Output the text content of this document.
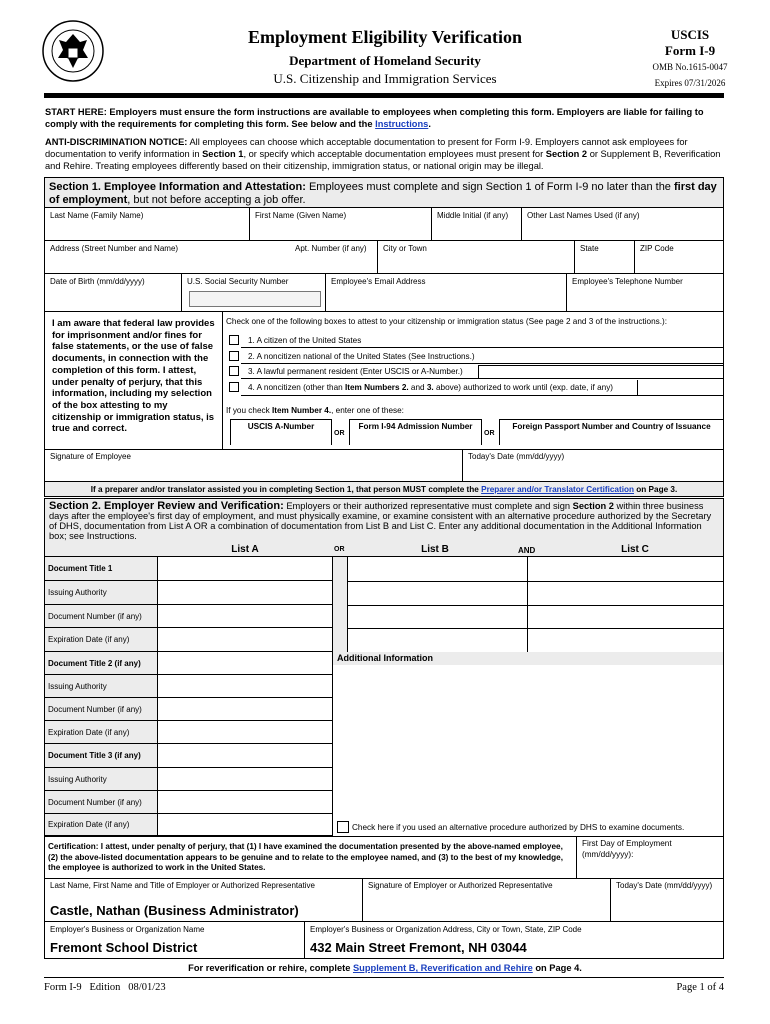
Employment Eligibility Verification
Department of Homeland Security
U.S. Citizenship and Immigration Services
USCIS
Form I-9
OMB No.1615-0047
Expires 07/31/2026
START HERE: Employers must ensure the form instructions are available to employees when completing this form. Employers are liable for failing to comply with the requirements for completing this form. See below and the Instructions.
ANTI-DISCRIMINATION NOTICE: All employees can choose which acceptable documentation to present for Form I-9. Employers cannot ask employees for documentation to verify information in Section 1, or specify which acceptable documentation employees must present for Section 2 or Supplement B, Reverification and Rehire. Treating employees differently based on their citizenship, immigration status, or national origin may be illegal.
Section 1. Employee Information and Attestation: Employees must complete and sign Section 1 of Form I-9 no later than the first day of employment, but not before accepting a job offer.
Last Name (Family Name)	First Name (Given Name)	Middle Initial (if any) Other Last Names Used (if any)
Address (Street Number and Name)	Apt. Number (if any) City or Town	State	ZIP Code
Date of Birth (mm/dd/yyyy)	U.S. Social Security Number	Employee's Email Address	Employee's Telephone Number
I am aware that federal law provides for imprisonment and/or fines for false statements, or the use of false documents, in connection with the completion of this form. I attest, under penalty of perjury, that this information, including my selection of the box attesting to my citizenship or immigration status, is true and correct.
Check one of the following boxes to attest to your citizenship or immigration status (See page 2 and 3 of the instructions.):
1. A citizen of the United States
2. A noncitizen national of the United States (See Instructions.)
3. A lawful permanent resident (Enter USCIS or A-Number.)
4. A noncitizen (other than Item Numbers 2. and 3. above) authorized to work until (exp. date, if any)
If you check Item Number 4., enter one of these:
USCIS A-Number
OR
Form I-94 Admission Number
OR
Foreign Passport Number and Country of Issuance
Signature of Employee	Today's Date (mm/dd/yyyy)
If a preparer and/or translator assisted you in completing Section 1, that person MUST complete the Preparer and/or Translator Certification on Page 3.
Section 2. Employer Review and Verification: Employers or their authorized representative must complete and sign Section 2 within three business days after the employee's first day of employment, and must physically examine, or examine consistent with an alternative procedure authorized by the Secretary of DHS, documentation from List A OR a combination of documentation from List B and List C. Enter any additional documentation in the Additional Information box; see Instructions.
List A	OR	List B	AND	List C
Document Title 1
Issuing Authority
Document Number (if any)
Expiration Date (if any)
Document Title 2 (if any)
Issuing Authority
Document Number (if any)
Expiration Date (if any)
Document Title 3 (if any)
Issuing Authority
Document Number (if any)
Expiration Date (if any)
Additional Information
Check here if you used an alternative procedure authorized by DHS to examine documents.
Certification: I attest, under penalty of perjury, that (1) I have examined the documentation presented by the above-named employee, (2) the above-listed documentation appears to be genuine and to relate to the employee named, and (3) to the best of my knowledge, the employee is authorized to work in the United States.
First Day of Employment (mm/dd/yyyy):
Last Name, First Name and Title of Employer or Authorized Representative
Castle, Nathan (Business Administrator)
Signature of Employer or Authorized Representative	Today's Date (mm/dd/yyyy)
Employer's Business or Organization Name
Fremont School District
Employer's Business or Organization Address, City or Town, State, ZIP Code
432 Main Street Fremont, NH 03044
For reverification or rehire, complete Supplement B, Reverification and Rehire on Page 4.
Form I-9   Edition   08/01/23	Page 1 of 4
